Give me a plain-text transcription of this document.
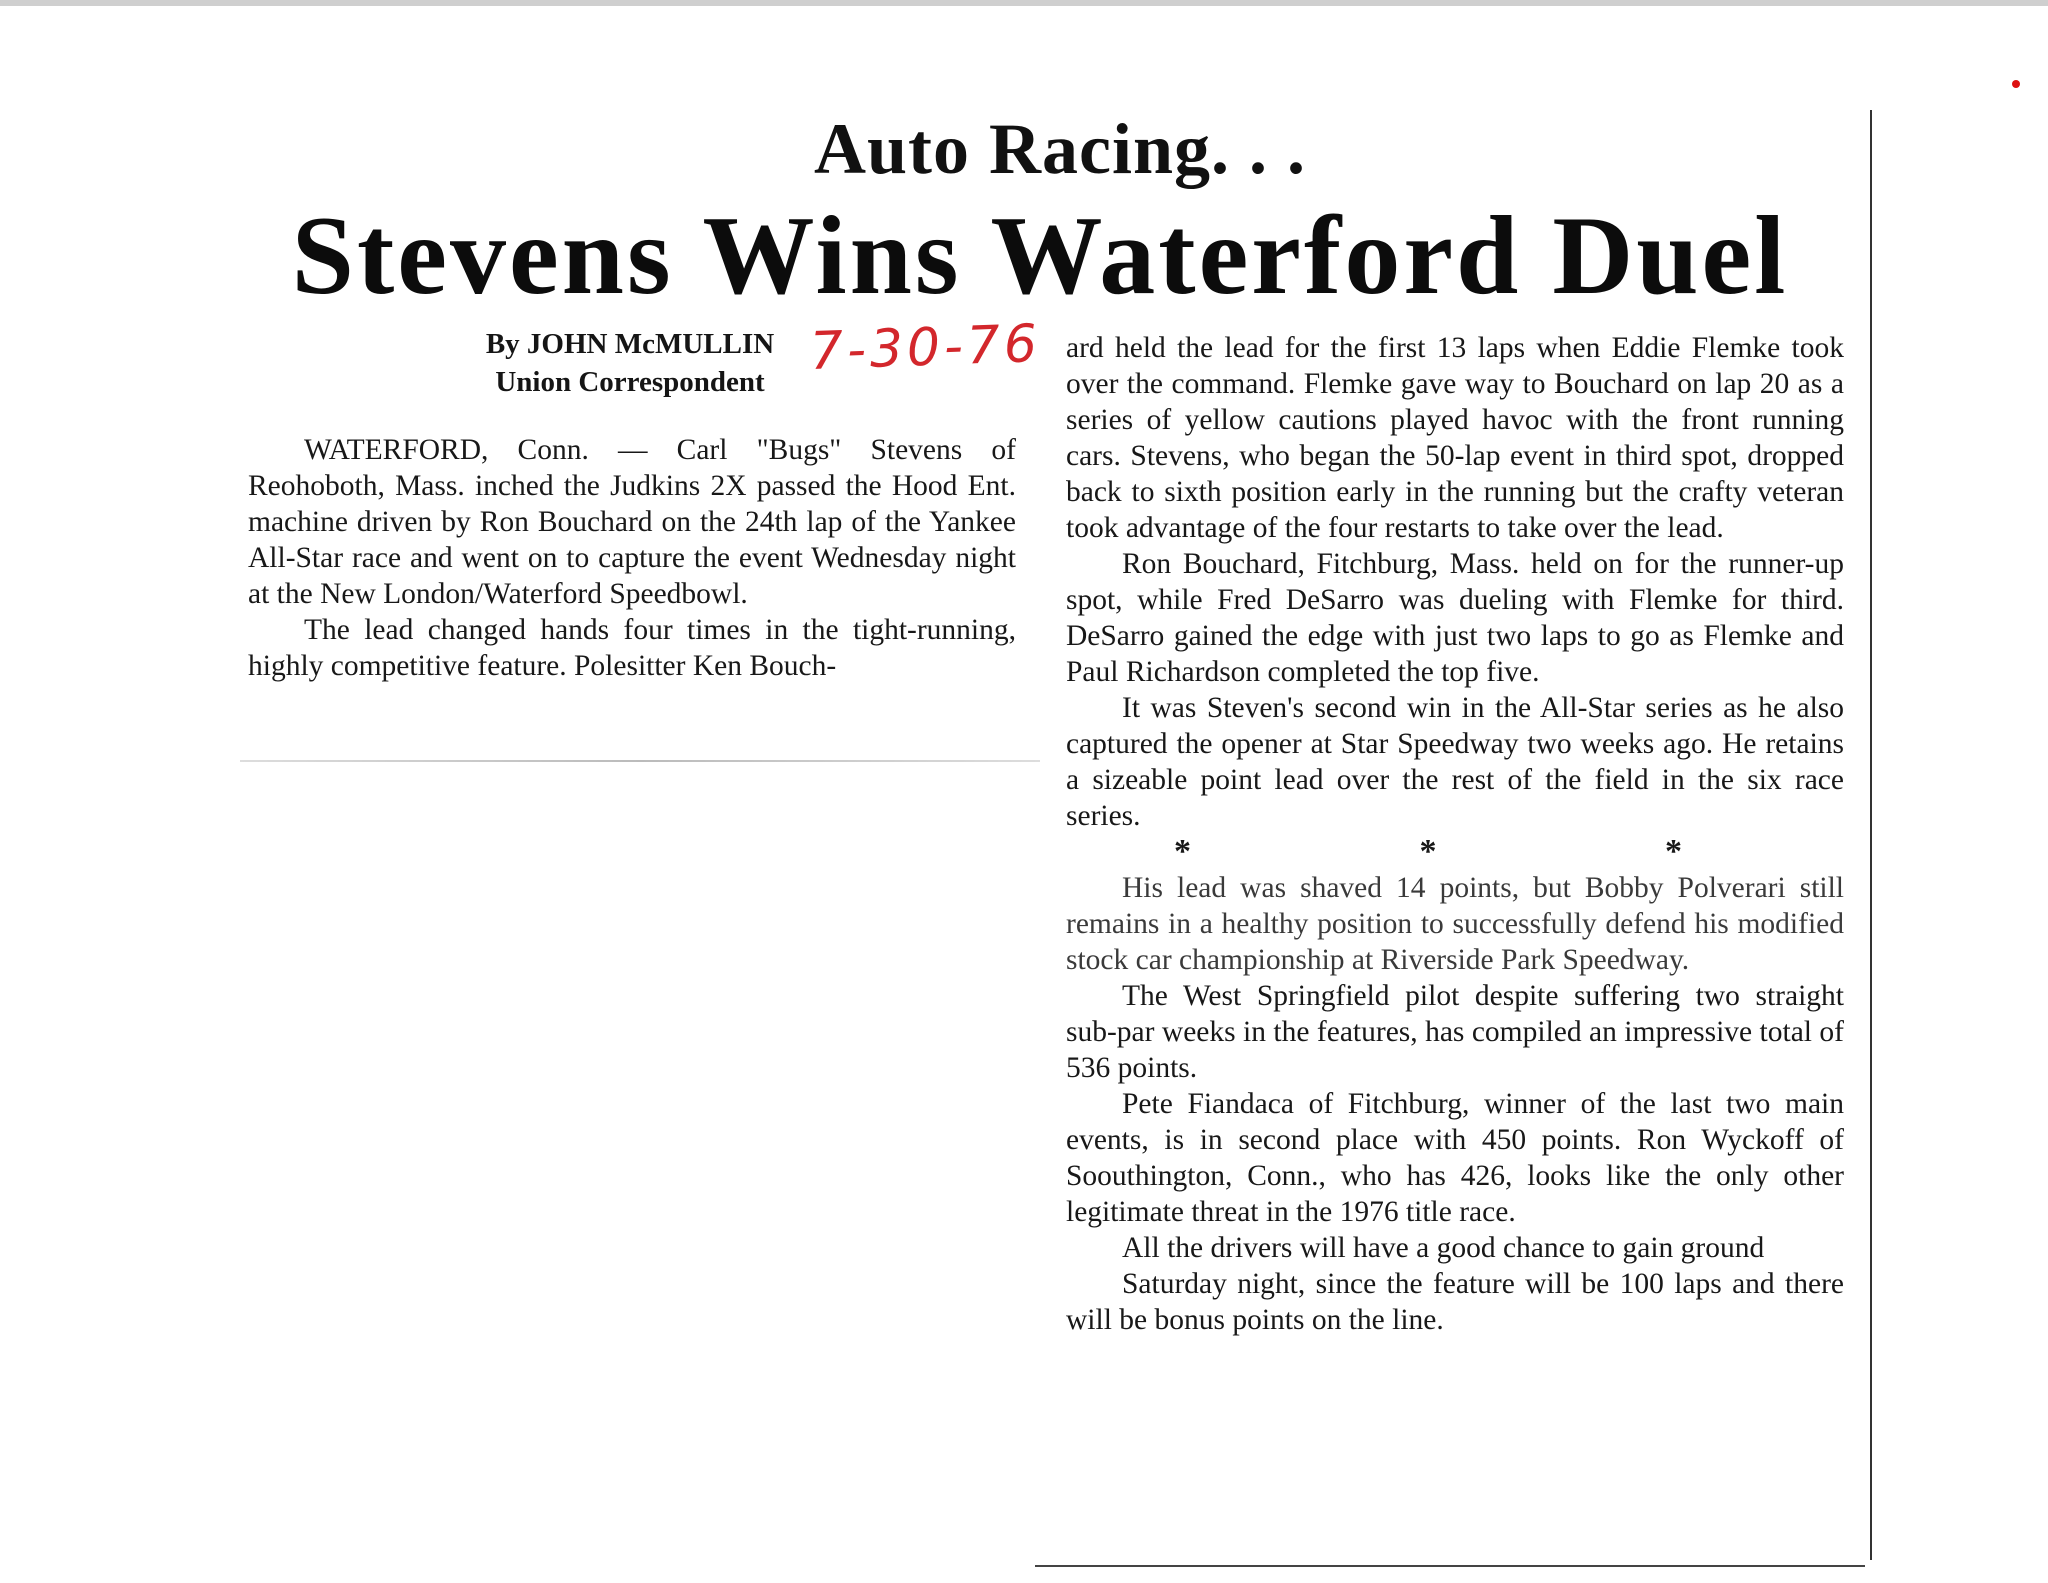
Auto Racing. . .
Stevens Wins Waterford Duel
By JOHN McMULLIN
Union Correspondent 7-30-76

WATERFORD, Conn. — Carl "Bugs" Stevens of Reohoboth, Mass. inched the Judkins 2X passed the Hood Ent. machine driven by Ron Bouchard on the 24th lap of the Yankee All-Star race and went on to capture the event Wednesday night at the New London/Waterford Speedbowl.

The lead changed hands four times in the tight-running, highly competitive feature. Polesitter Ken Bouch-

ard held the lead for the first 13 laps when Eddie Flemke took over the command. Flemke gave way to Bouchard on lap 20 as a series of yellow cautions played havoc with the front running cars. Stevens, who began the 50-lap event in third spot, dropped back to sixth position early in the running but the crafty veteran took advantage of the four restarts to take over the lead.

Ron Bouchard, Fitchburg, Mass. held on for the runner-up spot, while Fred DeSarro was dueling with Flemke for third. DeSarro gained the edge with just two laps to go as Flemke and Paul Richardson completed the top five.

It was Steven's second win in the All-Star series as he also captured the opener at Star Speedway two weeks ago. He retains a sizeable point lead over the rest of the field in the six race series.

* * *

His lead was shaved 14 points, but Bobby Polverari still remains in a healthy position to successfully defend his modified stock car championship at Riverside Park Speedway.

The West Springfield pilot despite suffering two straight sub-par weeks in the features, has compiled an impressive total of 536 points.

Pete Fiandaca of Fitchburg, winner of the last two main events, is in second place with 450 points. Ron Wyckoff of Soouthington, Conn., who has 426, looks like the only other legitimate threat in the 1976 title race.

All the drivers will have a good chance to gain ground

Saturday night, since the feature will be 100 laps and there will be bonus points on the line.
